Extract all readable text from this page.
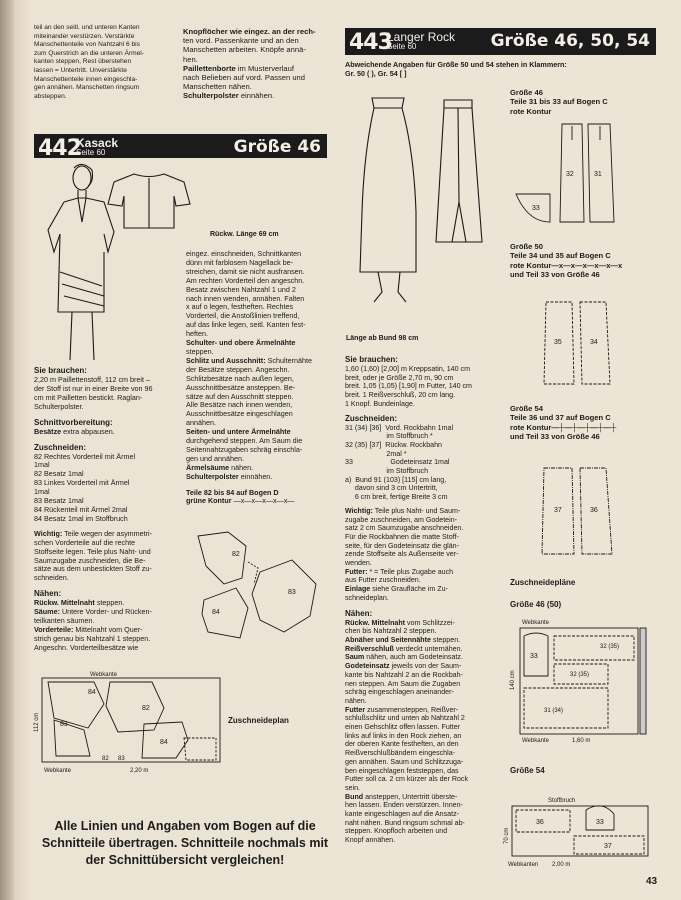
teil an den seitl. und unteren Kanten
miteinander verstürzen. Verstärkte
Manschettenteile von Nahtzahl 6 bis
zum Querstrich an die unteren Ärmel-
kanten steppen, Rest überstehen
lassen = Untertritt. Unverstärkte
Manschettenteile innen eingeschla-
gen annähen. Manschetten ringsum
absteppen.
Knopflöcher wie eingez. an der rech-
ten vord. Passenkante und an den
Manschetten arbeiten. Knöpfe annä-
hen.
Paillettenborte im Musterverlauf
nach Belieben auf vord. Passen und
Manschetten nähen.
Schulterpolster einnähen.
442
Kasack
Seite 60	Größe 46
443
Langer Rock
Seite 60	Größe 46, 50, 54
Rückw. Länge 69 cm
Sie brauchen:
2,20 m Paillettenstoff, 112 cm breit –
der Stoff ist nur in einer Breite von 96
cm mit Pailletten bestickt. Raglan-
Schulterpolster.
Schnittvorbereitung:
Besätze extra abpausen.
Zuschneiden:
82 Rechtes Vorderteil mit Ärmel
1mal
82 Besatz 1mal
83 Linkes Vorderteil mit Ärmel
1mal
83 Besatz 1mal
84 Rückenteil mit Ärmel 2mal
84 Besatz 1mal im Stoffbruch
Wichtig: Teile wegen der asymmetri-
schen Vorderteile auf die rechte
Stoffseite legen. Teile plus Naht- und
Saumzugabe zuschneiden, die Be-
sätze aus dem unbestickten Stoff zu-
schneiden.
Nähen:
Rückw. Mittelnaht steppen.
Säume: Untere Vorder- und Rücken-
teilkanten säumen.
Vorderteile: Mittelnaht vom Quer-
strich genau bis Nahtzahl 1 steppen.
Angeschn. Vorderteilbesätze wie
eingez. einschneiden, Schnittkanten
dünn mit farblosem Nagellack be-
streichen, damit sie nicht ausfransen.
Am rechten Vorderteil den angeschn.
Besatz zwischen Nahtzahl 1 und 2
nach innen wenden, annähen. Falten
x auf o legen, festheften. Rechtes
Vorderteil, die Anstoßlinien treffend,
auf das linke legen, seitl. Kanten fest-
heften.
Schulter- und obere Ärmelnähte
steppen.
Schlitz und Ausschnitt: Schulternähte
der Besätze steppen. Angeschn.
Schlitzbesätze nach außen legen,
Ausschnittbesätze ansteppen. Be-
sätze auf den Ausschnitt steppen.
Alle Besätze nach innen wenden,
Ausschnittbesätze eingeschlagen
annähen.
Seiten- und untere Ärmelnähte
durchgehend steppen. Am Saum die
Seitennahtzugaben schräg einschla-
gen und annähen.
Ärmelsäume nähen.
Schulterpolster einnähen.
Teile 82 bis 84 auf Bogen D
grüne Kontur —x—x—x—x—x—
82
84
83
Webkante
112 cm
2,20 m
Webkante
84
83
82
84
82 83
Zuschneideplan
Alle Linien und Angaben vom Bogen auf die
Schnitteile übertragen. Schnitteile nochmals mit
der Schnittübersicht vergleichen!
Abweichende Angaben für Größe 50 und 54 stehen in Klammern:
Gr. 50 ( ), Gr. 54 [ ]
Länge ab Bund 98 cm
Sie brauchen:
1,60 (1,60) [2,00] m Kreppsatin, 140 cm
breit, oder je Größe 2,70 m, 90 cm
breit. 1,05 (1,05) [1,90] m Futter, 140 cm
breit. 1 Reißverschluß, 20 cm lang.
1 Knopf. Bundeinlage.
Zuschneiden:
31 (34) [36]  Vord. Rockbahn 1mal
im Stoffbruch *
32 (35) [37]  Rückw. Rockbahn
2mal *
33                   Godeteinsatz 1mal
im Stoffbruch
a)  Bund 91 (103) [115] cm lang,
davon sind 3 cm Untertritt,
6 cm breit, fertige Breite 3 cm
Wichtig: Teile plus Naht- und Saum-
zugabe zuschneiden, am Godetein-
satz 2 cm Saumzugabe anschneiden.
Für die Rockbahnen die matte Stoff-
seite, für den Godeteinsatz die glän-
zende Stoffseite als Außenseite ver-
wenden.
Futter: * = Teile plus Zugabe auch
aus Futter zuschneiden.
Einlage siehe Graufläche im Zu-
schneideplan.
Nähen:
Rückw. Mittelnaht vom Schlitzzei-
chen bis Nahtzahl 2 steppen.
Abnäher und Seitennähte steppen.
Reißverschluß verdeckt unternähen.
Saum nähen, auch am Godeteinsatz.
Godeteinsatz jeweils von der Saum-
kante bis Nahtzahl 2 an die Rockbah-
nen steppen. Am Saum die Zugaben
schräg eingeschlagen aneinander-
nähen.
Futter zusammensteppen, Reißver-
schlußschlitz und unten ab Nahtzahl 2
einen Gehschlitz offen lassen. Futter
links auf links in den Rock ziehen, an
der oberen Kante festheften, an den
Reißverschlußbändern eingeschla-
gen annähen. Saum und Schlitzzuga-
ben eingeschlagen feststeppen, das
Futter soll ca. 2 cm kürzer als der Rock
sein.
Bund ansteppen, Untertritt überste-
hen lassen. Enden verstürzen. Innen-
kante eingeschlagen auf die Ansatz-
naht nähen. Bund ringsum schmal ab-
steppen. Knopfloch arbeiten und
Knopf annähen.
Größe 46
Teile 31 bis 33 auf Bogen C
rote Kontur
32	31
33
Größe 50
Teile 34 und 35 auf Bogen C
rote Kontur—x—x—x—x—x—x
und Teil 33 von Größe 46
35	34
Größe 54
Teile 36 und 37 auf Bogen C
rote Kontur—┼—┼—┼—┼—┼
und Teil 33 von Größe 46
37	36
Zuschneidepläne
Größe 46 (50)
Webkante
140 cm
Webkante	1,60 m
33
32 (35)
32 (35)
31 (34)
Größe 54
Stoffbruch
70 cm
Webkanten 2,00 m
36	33
37
43
